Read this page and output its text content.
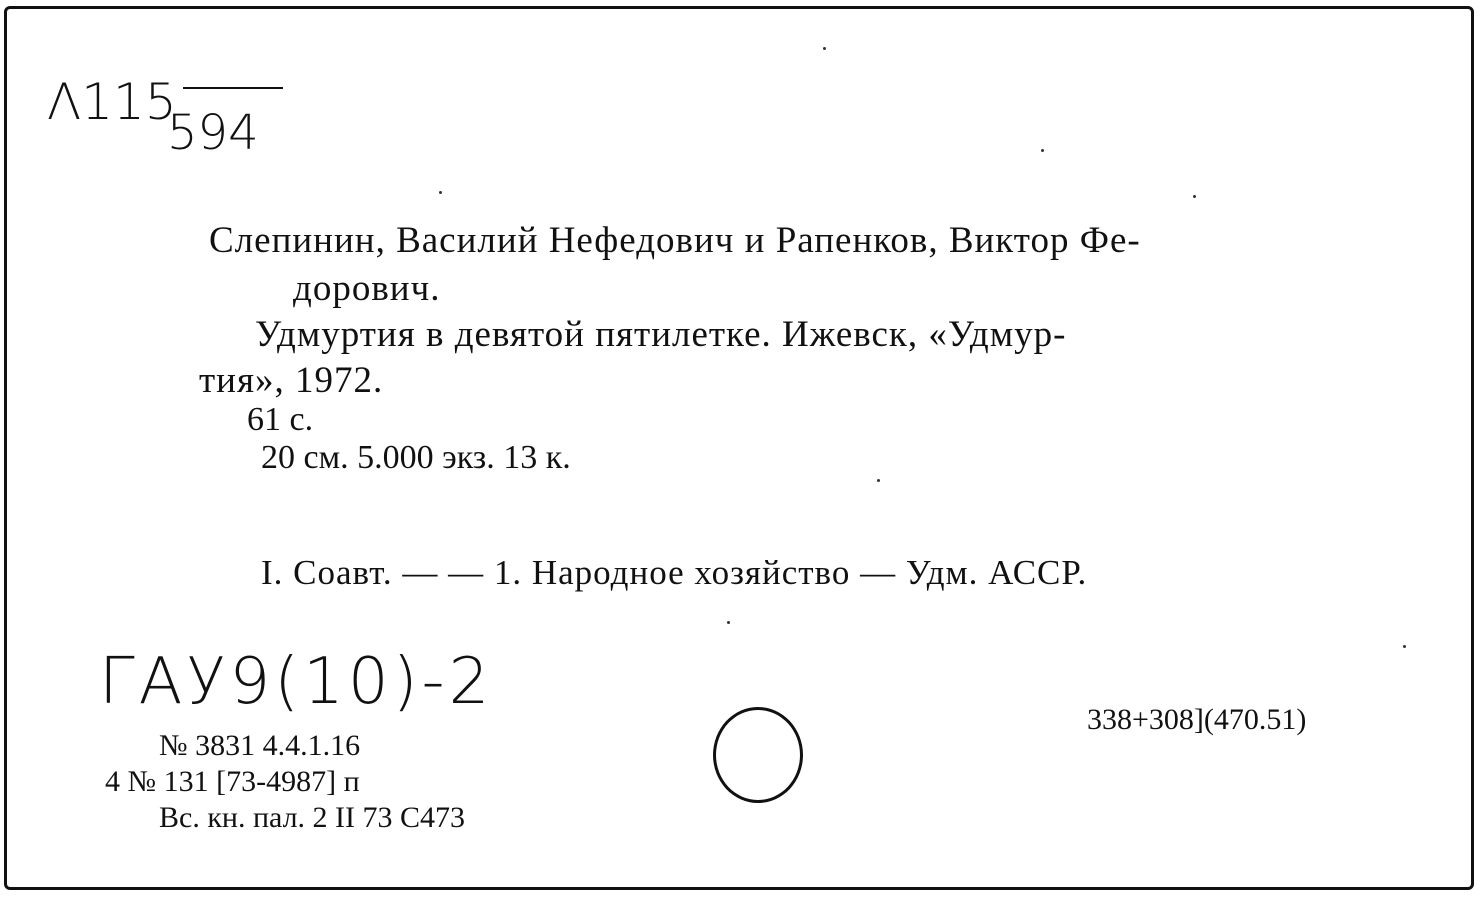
Λ115
594
Слепинин, Василий Нефедович и Рапенков, Виктор Фе-
дорович.
Удмуртия в девятой пятилетке. Ижевск, «Удмур-
тия», 1972.
61 с.
20 см. 5.000 экз. 13 к.
I. Соавт. — — 1. Народное хозяйство — Удм. АССР.
ГАУ9(10)-2
338+308](470.51)
№ 3831 4.4.1.16
4 № 131 [73-4987] п
Вс. кн. пал. 2 II 73 С473
